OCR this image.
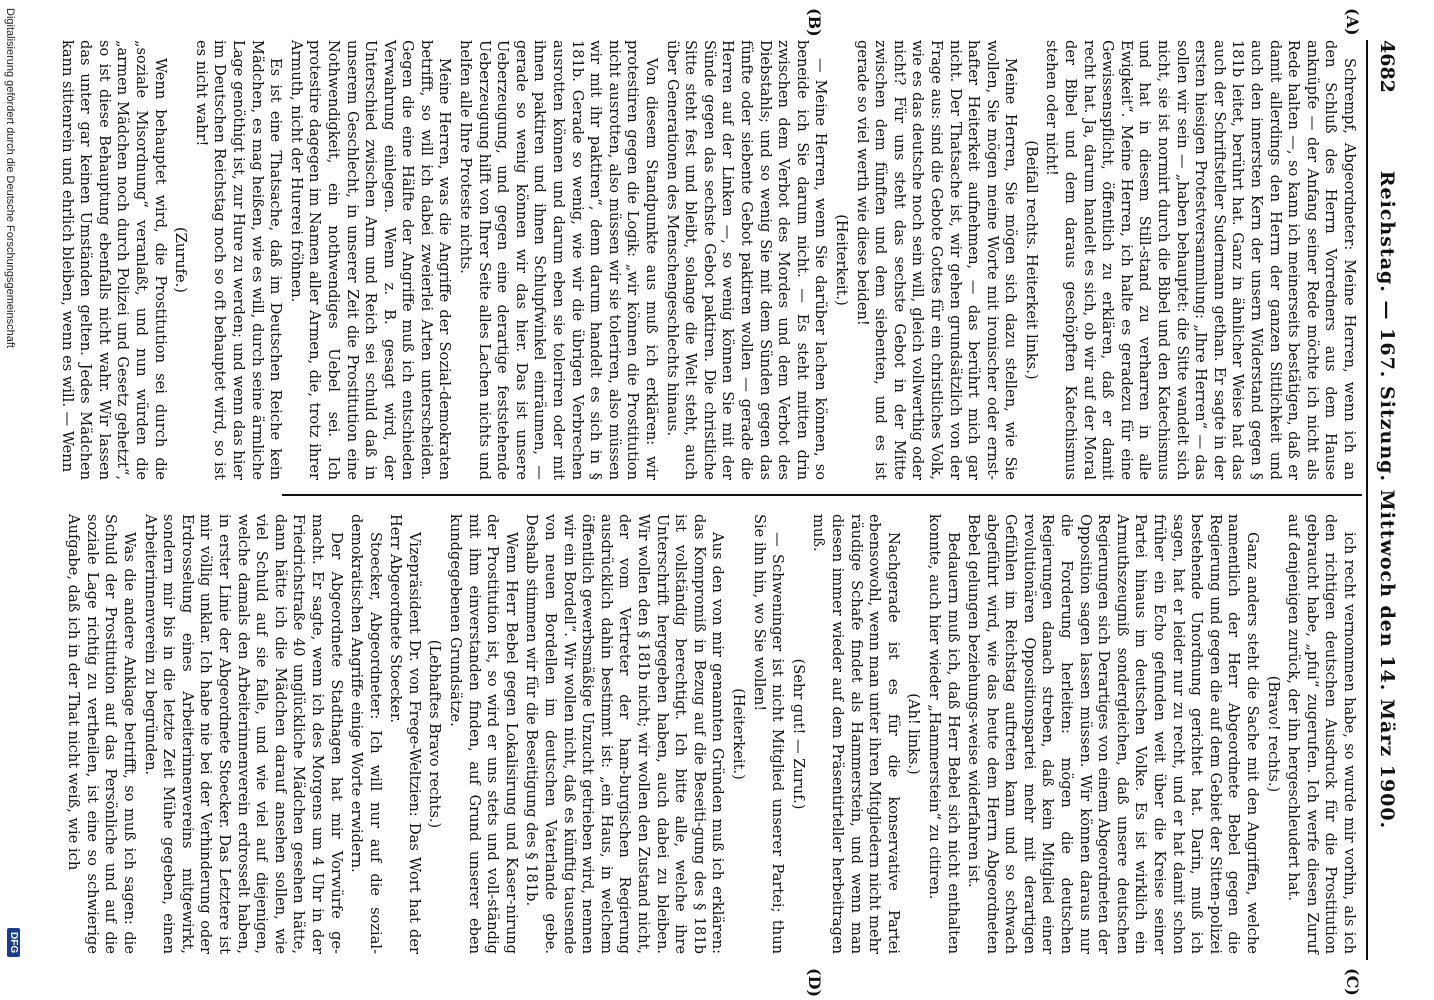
4682
Reichstag. — 167. Sitzung. Mittwoch den 14. März 1900.
(A)
(B)
(C)
(D)

Schrempf, Abgeordneter: Meine Herren, wenn ich an den Schluß des Herrn Vorredners aus dem Hause anknüpfe — der Anfang seiner Rede möchte ich nicht als Rede halten —, so kann ich meinerseits bestätigen, daß er damit allerdings den Herrn der ganzen Sittlichkeit und auch den innersten Kern der unsern Widerstand gegen § 181b leitet, berührt hat. Ganz in ähnlicher Weise hat das auch der Schriftsteller Sudermann gethan. Er sagte in der ersten hiesigen Protestversammlung: „Ihre Herren“ — das sollen wir sein — „haben behauptet: die Sitte wandelt sich nicht, sie ist normirt durch die Bibel und den Katechismus und hat in diesem Still-stand zu verharren in alle Ewigkeit“. Meine Herren, ich halte es geradezu für eine Gewissenspflicht, öffentlich zu erklären, daß er damit recht hat. Ja, darum handelt es sich, ob wir auf der Moral der Bibel und dem daraus geschöpften Katechismus stehen oder nicht!

(Beifall rechts. Heiterkeit links.)

Meine Herren, Sie mögen sich dazu stellen, wie Sie wollen, Sie mögen meine Worte mit ironischer oder ernst-hafter Heiterkeit aufnehmen, — das berührt mich gar nicht. Der Thatsache ist, wir gehen grundsätzlich von der Frage aus: sind die Gebote Gottes für ein christliches Volk, wie es das deutsche noch sein will, gleich vollwerthig oder nicht? Für uns steht das sechste Gebot in der Mitte zwischen dem fünften und dem siebenten, und es ist gerade so viel werth wie diese beiden!

(Heiterkeit.)

— Meine Herren, wenn Sie darüber lachen können, so beneide ich Sie darum nicht. — Es steht mitten drin zwischen dem Verbot des Mordes und dem Verbot des Diebstahls; und so wenig Sie mit dem Sünden gegen das fünfte oder siebente Gebot paktiren wollen — gerade die Herren auf der Linken —, so wenig können Sie mit der Sünde gegen das sechste Gebot paktiren. Die christliche Sitte steht fest und bleibt, solange die Welt steht, auch über Generationen des Menschengeschlechts hinaus.

Von diesem Standpunkte aus muß ich erklären: wir protestiren gegen die Logik: „wir können die Prostitution nicht ausrotten, also müssen wir sie toleriren, also müssen wir mit ihr paktiren“, denn darum handelt es sich in § 181b. Gerade so wenig, wie wir die übrigen Verbrechen ausrotten können und darum eben sie toleriren oder mit ihnen paktiren und ihnen Schlupfwinkel einräumen, — gerade so wenig können wir das hier. Das ist unsere Ueberzeugung, und gegen eine derartige feststehende Ueberzeugung hilft von Ihrer Seite alles Lachen nichts und helfen alle Ihre Proteste nichts.

Meine Herren, was die Angriffe der Sozial-demokraten betrifft, so will ich dabei zweierlei Arten unterscheiden. Gegen die eine Hälfte der Angriffe muß ich entschieden Verwahrung einlegen. Wenn z. B. gesagt wird, der Unterschied zwischen Arm und Reich sei schuld daß in unserem Geschlecht, in unserer Zeit die Prostitution eine Nothwendigkeit, ein nothwendiges Uebel sei. Ich protestire dagegen im Namen aller Armen, die, trotz ihrer Armuth, nicht der Hurerei fröhnen.

Es ist eine Thatsache, daß im Deutschen Reiche kein Mädchen, es mag heißen, wie es will, durch seine ärmliche Lage genöthigt ist, zur Hure zu werden; und wenn das hier im Deutschen Reichstag noch so oft behauptet wird, so ist es nicht wahr!

(Zurufe.)

Wenn behauptet wird, die Prostitution sei durch die „soziale Misordnung“ veranlaßt, und nun würden die „armen Mädchen noch durch Polizei und Gesetz gehetzt“, so ist diese Behauptung ebenfalls nicht wahr. Wir lassen das unter gar keinen Umständen gelten. Jedes Mädchen kann sittenrein und ehrlich bleiben, wenn es will. — Wenn

ich recht vernommen habe, so wurde mir vorhin, als ich den richtigen deutschen Ausdruck für die Prostitution gebraucht habe, „pfui“ zugerufen. Ich werfe diesen Zuruf auf denjenigen zurück, der ihn hergeschleudert hat.

(Bravo! rechts.)

Ganz anders steht die Sache mit den Angriffen, welche namentlich der Herr Abgeordnete Bebel gegen die Regierung und gegen die auf dem Gebiet der Sitten-polizei bestehende Unordnung gerichtet hat. Darin, muß ich sagen, hat er leider nur zu recht, und er hat damit schon früher ein Echo gefunden weit über die Kreise seiner Partei hinaus im deutschen Volke. Es ist wirklich ein Armuthszeugniß sondergleichen, daß unsere deutschen Regierungen sich Derartiges von einem Abgeordneten der Opposition sagen lassen müssen. Wir können daraus nur die Forderung herleiten: mögen die deutschen Regierungen danach streben, daß kein Mitglied einer revolutionären Oppositionspartei mehr mit derartigen Gefühlen im Reichstag auftreten kann und so schwach abgeführt wird, wie das heute dem Herrn Abgeordneten Bebel gelungen beziehungs-weise widerfahren ist.

Bedauern muß ich, daß Herr Bebel sich nicht enthalten konnte, auch hier wieder „Hammerstein“ zu citiren.

(Ah! links.)

Nachgerade ist es für die konservative Partei ebensowohl, wenn man unter ihren Mitgliedern nicht mehr räudige Schafe findet als Hammerstein, und wenn man diesen immer wieder auf dem Präsentirteller herbeitragen muß.

(Sehr gut! — Zuruf.)

— Schweninger ist nicht Mitglied unserer Partei; thun Sie ihn hin, wo Sie wollen!

(Heiterkeit.)

Aus den von mir genannten Gründen muß ich erklären: das Kompromiß in Bezug auf die Beseiti-gung des § 181b ist vollständig berechtigt. Ich bitte alle, welche ihre Unterschrift hergegeben haben, auch dabei zu bleiben. Wir wollen den § 181b nicht; wir wollen den Zustand nicht, der vom Vertreter der ham-burgischen Regierung ausdrücklich dahin bestimmt ist: „ein Haus, in welchem öffentlich gewerbsmäßige Unzucht getrieben wird, nennen wir ein Bordell“. Wir wollen nicht, daß es künftig tausende von neuen Bordellen im deutschen Vaterlande gebe. Deshalb stimmen wir für die Beseitigung des § 181b.

Wenn Herr Bebel gegen Lokalisirung und Kaser-nirung der Prostitution ist, so wird er uns stets und voll-ständig mit ihm einverstanden finden, auf Grund unserer eben kundgegebenen Grundsätze.

(Lebhaftes Bravo rechts.)

Vizepräsident Dr. von Frege-Weltzien: Das Wort hat der Herr Abgeordnete Stoecker.

Stoecker, Abgeordneter: Ich will nur auf die sozial-demokratischen Angriffe einige Worte erwidern.

Der Abgeordnete Stadthagen hat mir Vorwürfe ge-macht. Er sagte, wenn ich des Morgens um 4 Uhr in der Friedrichstraße 40 unglückliche Mädchen gesehen hätte, dann hätte ich die Mädchen darauf ansehen sollen, wie viel Schuld auf sie falle, und wie viel auf diejenigen, welche damals den Arbeiterinnenverein erdrosselt haben, in erster Linie der Abgeordnete Stoecker. Das Letztere ist mir völlig unklar. Ich habe nie bei der Verhinderung oder Erdrosselung eines Arbeiterinnenvereins mitgewirkt, sondern mir bis in die letzte Zeit Mühe gegeben, einen Arbeiterinnenverein zu begründen.

Was die andere Anklage betrifft, so muß ich sagen: die Schuld der Prostitution auf das Persönliche und auf die soziale Lage richtig zu vertheilen, ist eine so schwierige Aufgabe, daß ich in der That nicht weiß, wie ich

Digitalisierung gefördert durch die Deutsche Forschungsgemeinschaft
DFG
